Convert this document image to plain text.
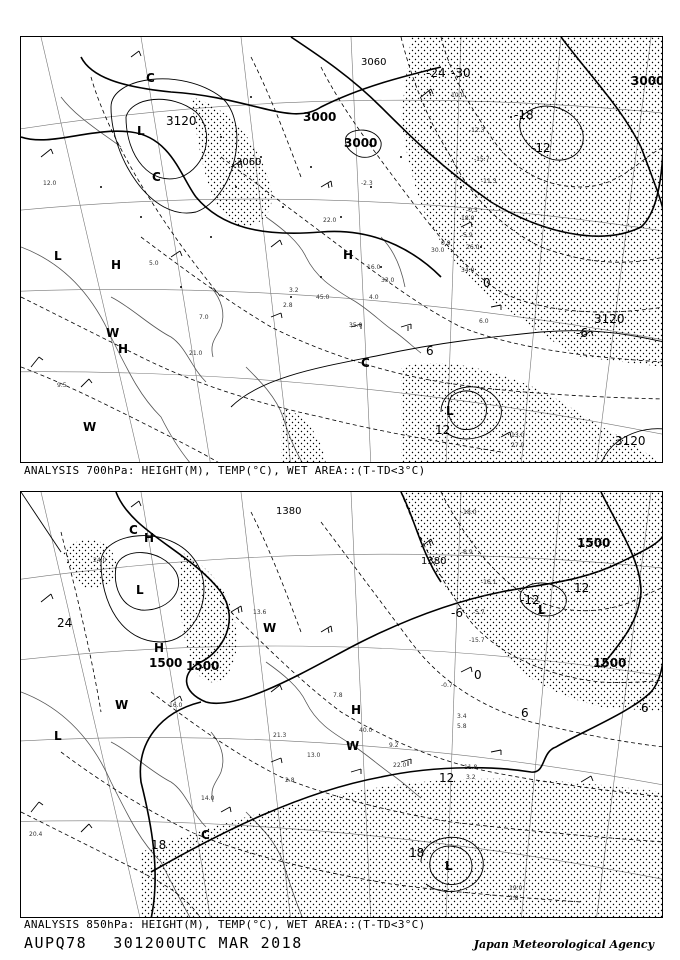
3120	3000
3000
3000
3120
3120
3060
3060
-30
-24
-18
-12
-6
0
6
12
L
L
L
H
H
H
W
W
C
C
C
-12.3
-15.7
-11.3
-5.9
-0.3
10.0
18.0
26.0
30.0
34.0
35.0
33.0
21.0
7.0
5.0
4.0
6.0
13.0
27.0
12.0
9.5
3.2
2.8
16.0
22.0
45.0
-2.3
0.9
ANALYSIS 700hPa: HEIGHT(M), TEMP(°C), WET AREA::(T-TD<3°C)
1500 1500	1500
1500
1380
1380
24
18
12
6
0
-6
-12
12
18
6
L
L
L
L
H
H
H
W
W
W
C
C
-18.0
-15.7
-16.1
-8.9
-0.7
3.4
5.8
11.8
3.2
19.0
2.8
14.0
13.0
9.2
22.0
24.0
20.4
16.0
7.8
21.3
40.0
2.8
-5.7
13.6
ANALYSIS 850hPa: HEIGHT(M), TEMP(°C), WET AREA::(T-TD<3°C)
AUPQ78 301200UTC MAR 2018	Japan Meteorological Agency
